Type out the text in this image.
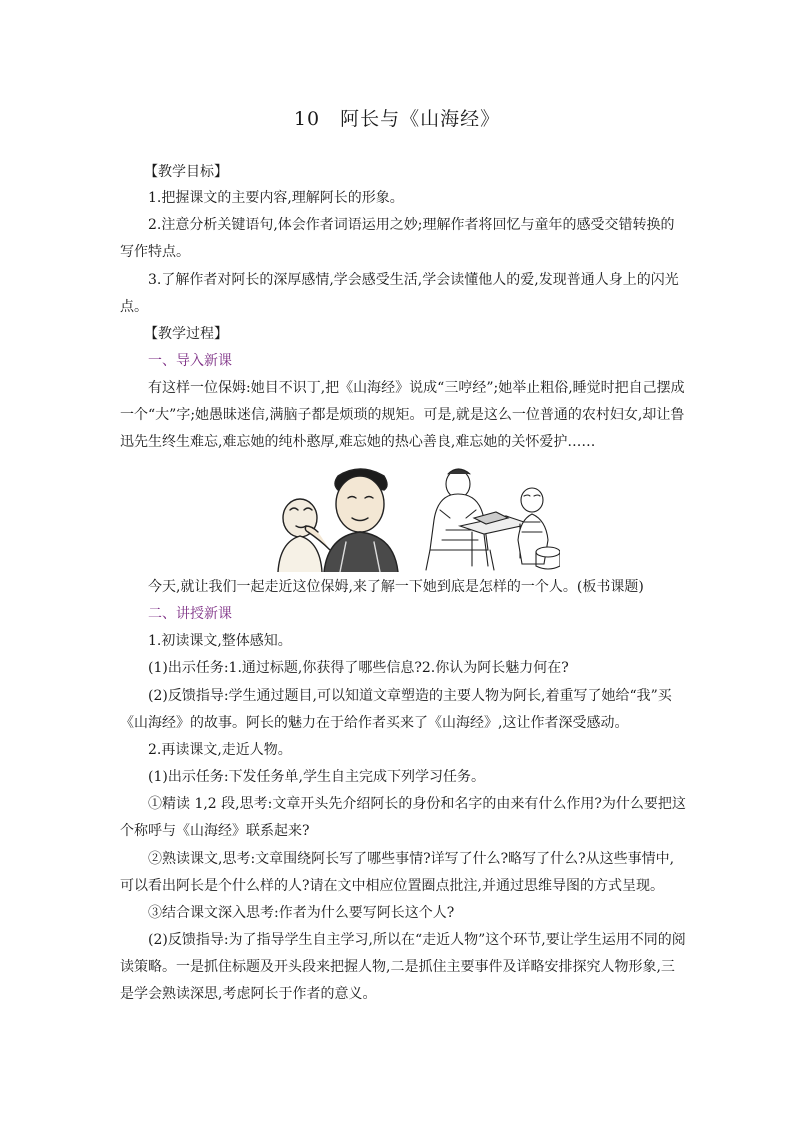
10　阿长与《山海经》
【教学目标】
1.把握课文的主要内容,理解阿长的形象。
2.注意分析关键语句,体会作者词语运用之妙;理解作者将回忆与童年的感受交错转换的
写作特点。
3.了解作者对阿长的深厚感情,学会感受生活,学会读懂他人的爱,发现普通人身上的闪光
点。
【教学过程】
一、导入新课
有这样一位保姆:她目不识丁,把《山海经》说成“三哼经”;她举止粗俗,睡觉时把自己摆成
一个“大”字;她愚昧迷信,满脑子都是烦琐的规矩。可是,就是这么一位普通的农村妇女,却让鲁
迅先生终生难忘,难忘她的纯朴憨厚,难忘她的热心善良,难忘她的关怀爱护……
今天,就让我们一起走近这位保姆,来了解一下她到底是怎样的一个人。(板书课题)
二、讲授新课
1.初读课文,整体感知。
(1)出示任务:1.通过标题,你获得了哪些信息?2.你认为阿长魅力何在?
(2)反馈指导:学生通过题目,可以知道文章塑造的主要人物为阿长,着重写了她给“我”买
《山海经》的故事。阿长的魅力在于给作者买来了《山海经》,这让作者深受感动。
2.再读课文,走近人物。
(1)出示任务:下发任务单,学生自主完成下列学习任务。
①精读 1,2 段,思考:文章开头先介绍阿长的身份和名字的由来有什么作用?为什么要把这
个称呼与《山海经》联系起来?
②熟读课文,思考:文章围绕阿长写了哪些事情?详写了什么?略写了什么?从这些事情中,
可以看出阿长是个什么样的人?请在文中相应位置圈点批注,并通过思维导图的方式呈现。
③结合课文深入思考:作者为什么要写阿长这个人?
(2)反馈指导:为了指导学生自主学习,所以在“走近人物”这个环节,要让学生运用不同的阅
读策略。一是抓住标题及开头段来把握人物,二是抓住主要事件及详略安排探究人物形象,三
是学会熟读深思,考虑阿长于作者的意义。
